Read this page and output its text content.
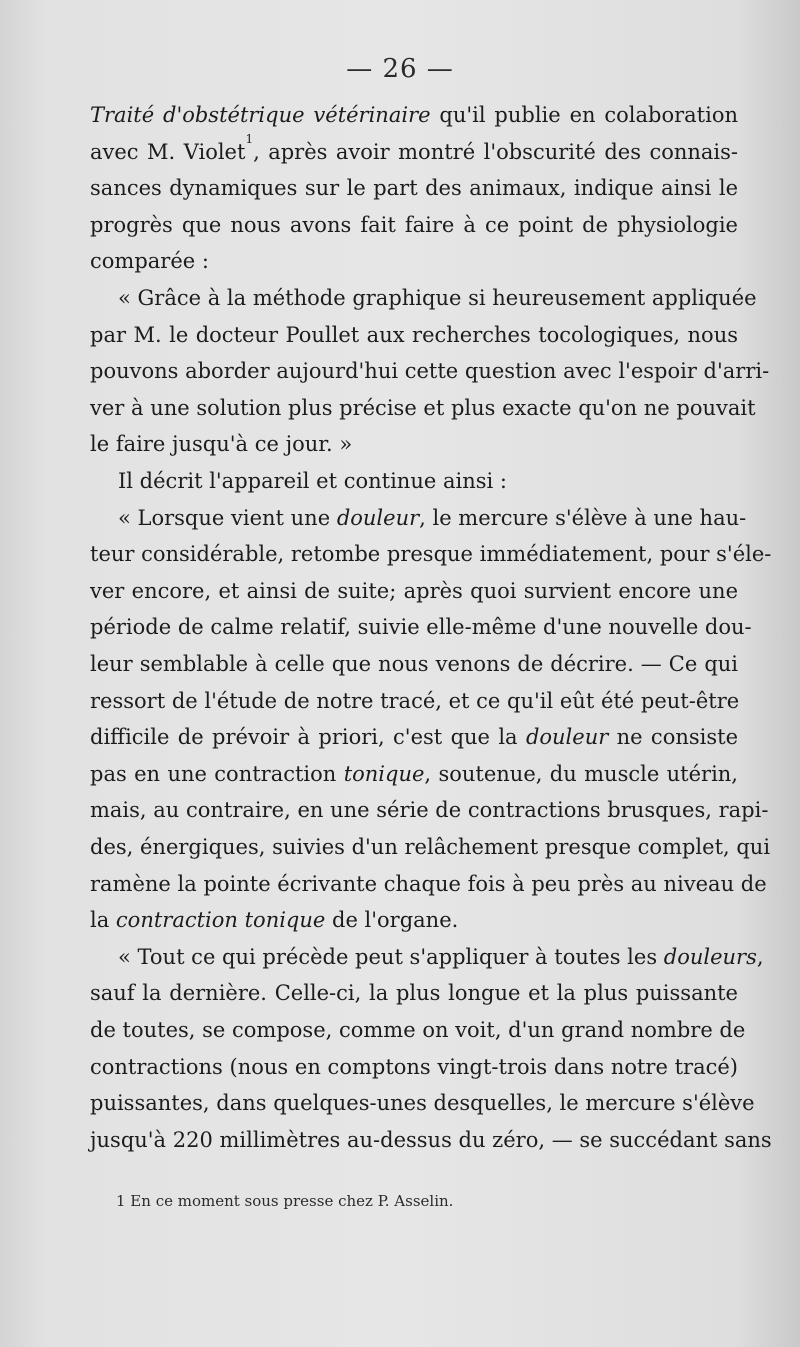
— 26 —
Traité d'obstétrique vétérinaire qu'il publie en colaboration
avec M. Violet$^1$, après avoir montré l'obscurité des connais-
sances dynamiques sur le part des animaux, indique ainsi le
progrès que nous avons fait faire à ce point de physiologie
comparée :
« Grâce à la méthode graphique si heureusement appliquée
par M. le docteur Poullet aux recherches tocologiques, nous
pouvons aborder aujourd'hui cette question avec l'espoir d'arri-
ver à une solution plus précise et plus exacte qu'on ne pouvait
le faire jusqu'à ce jour. »
Il décrit l'appareil et continue ainsi :
« Lorsque vient une douleur, le mercure s'élève à une hau-
teur considérable, retombe presque immédiatement, pour s'éle-
ver encore, et ainsi de suite; après quoi survient encore une
période de calme relatif, suivie elle-même d'une nouvelle dou-
leur semblable à celle que nous venons de décrire. — Ce qui
ressort de l'étude de notre tracé, et ce qu'il eût été peut-être
difficile de prévoir à priori, c'est que la douleur ne consiste
pas en une contraction tonique, soutenue, du muscle utérin,
mais, au contraire, en une série de contractions brusques, rapi-
des, énergiques, suivies d'un relâchement presque complet, qui
ramène la pointe écrivante chaque fois à peu près au niveau de
la contraction tonique de l'organe.
« Tout ce qui précède peut s'appliquer à toutes les douleurs,
sauf la dernière. Celle-ci, la plus longue et la plus puissante
de toutes, se compose, comme on voit, d'un grand nombre de
contractions (nous en comptons vingt-trois dans notre tracé)
puissantes, dans quelques-unes desquelles, le mercure s'élève
jusqu'à 220 millimètres au-dessus du zéro, — se succédant sans
1 En ce moment sous presse chez P. Asselin.
